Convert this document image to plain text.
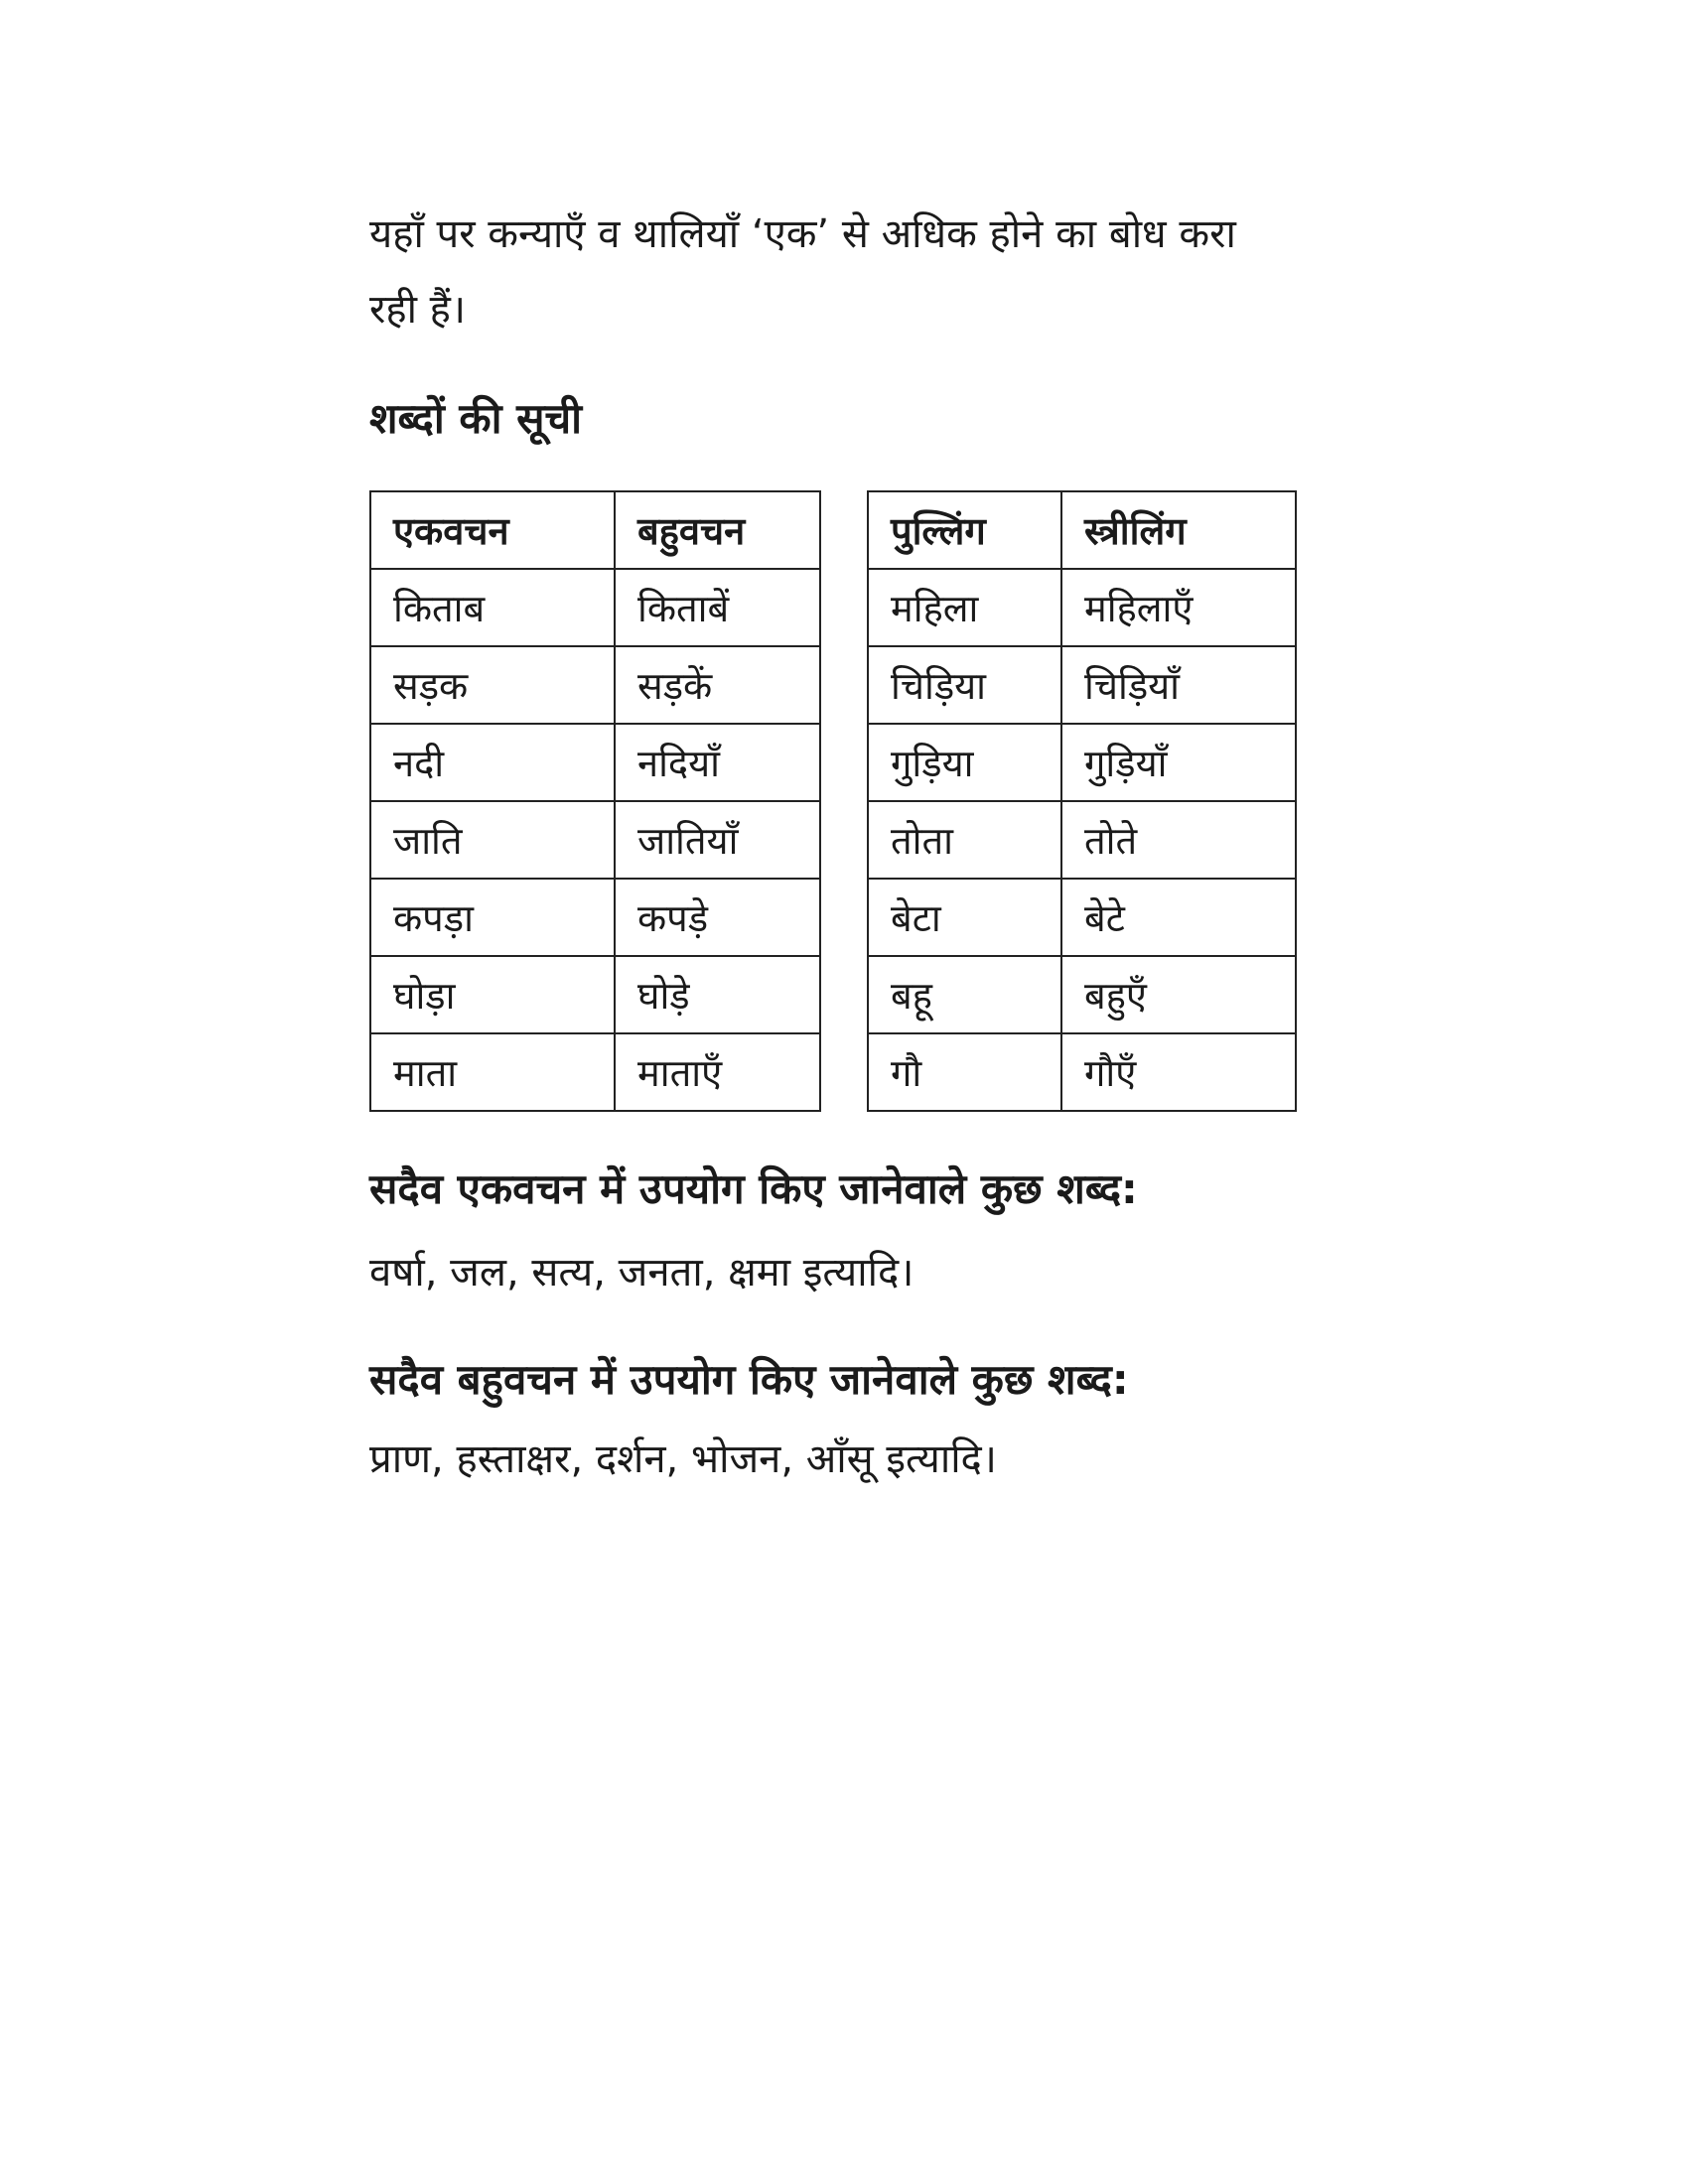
यहाँ पर कन्याएँ व थालियाँ ‘एक’ से अधिक होने का बोध करा
रही हैं।

शब्दों की सूची
एकवचन	बहुवचन
किताब	किताबें
सड़क	सड़कें
नदी	नदियाँ
जाति	जातियाँ
कपड़ा	कपड़े
घोड़ा	घोड़े
माता	माताएँ
पुल्लिंग	स्त्रीलिंग
महिला	महिलाएँ
चिड़िया	चिड़ियाँ
गुड़िया	गुड़ियाँ
तोता	तोते
बेटा	बेटे
बहू	बहुएँ
गौ	गौएँ
सदैव एकवचन में उपयोग किए जानेवाले कुछ शब्द:

वर्षा, जल, सत्य, जनता, क्षमा इत्यादि।

सदैव बहुवचन में उपयोग किए जानेवाले कुछ शब्द:

प्राण, हस्ताक्षर, दर्शन, भोजन, आँसू इत्यादि।
